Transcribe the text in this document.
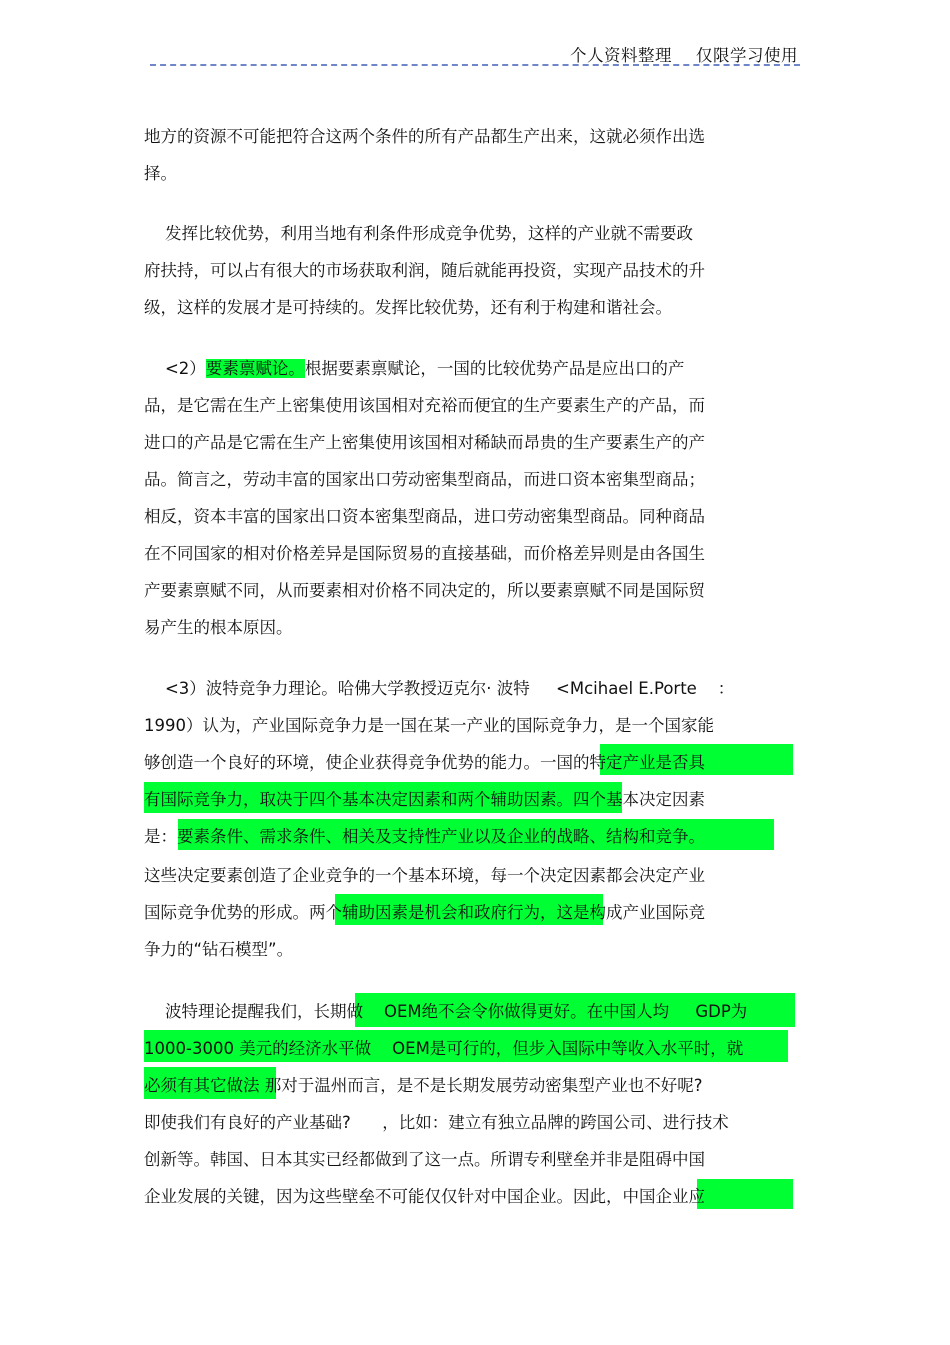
个人资料整理 仅限学习使用
地方的资源不可能把符合这两个条件的所有产品都生产出来，这就必须作出选
择。
发挥比较优势，利用当地有利条件形成竞争优势，这样的产业就不需要政
府扶持，可以占有很大的市场获取利润，随后就能再投资，实现产品技术的升
级，这样的发展才是可持续的。发挥比较优势，还有利于构建和谐社会。
<2）要素禀赋论。根据要素禀赋论，一国的比较优势产品是应出口的产
品，是它需在生产上密集使用该国相对充裕而便宜的生产要素生产的产品，而
进口的产品是它需在生产上密集使用该国相对稀缺而昂贵的生产要素生产的产
品。简言之，劳动丰富的国家出口劳动密集型商品，而进口资本密集型商品；
相反，资本丰富的国家出口资本密集型商品，进口劳动密集型商品。同种商品
在不同国家的相对价格差异是国际贸易的直接基础，而价格差异则是由各国生
产要素禀赋不同，从而要素相对价格不同决定的，所以要素禀赋不同是国际贸
易产生的根本原因。
<3）波特竞争力理论。哈佛大学教授迈克尔· 波特     <Mcihael E.Porte    ：
1990）认为，产业国际竞争力是一国在某一产业的国际竞争力，是一个国家能
够创造一个良好的环境，使企业获得竞争优势的能力。一国的特定产业是否具
有国际竞争力，取决于四个基本决定因素和两个辅助因素。四个基本决定因素
是：要素条件、需求条件、相关及支持性产业以及企业的战略、结构和竞争。
这些决定要素创造了企业竞争的一个基本环境，每一个决定因素都会决定产业
国际竞争优势的形成。两个辅助因素是机会和政府行为，这是构成产业国际竞
争力的“钻石模型”。
波特理论提醒我们，长期做    OEM绝不会令你做得更好。在中国人均     GDP为
1000-3000 美元的经济水平做    OEM是可行的，但步入国际中等收入水平时，就
必须有其它做法 那对于温州而言，是不是长期发展劳动密集型产业也不好呢?
即使我们有良好的产业基础?      ，比如：建立有独立品牌的跨国公司、进行技术
创新等。韩国、日本其实已经都做到了这一点。所谓专利壁垒并非是阻碍中国
企业发展的关键，因为这些壁垒不可能仅仅针对中国企业。因此，中国企业应
